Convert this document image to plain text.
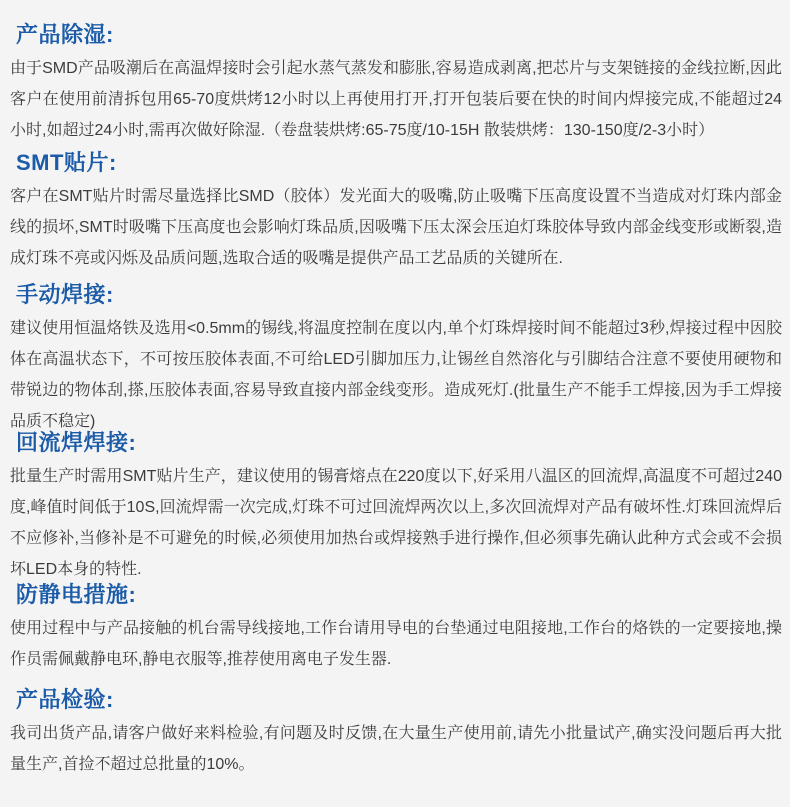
产品除湿:

由于SMD产品吸潮后在高温焊接时会引起水蒸气蒸发和膨胀,容易造成剥离,把芯片与支架链接的金线拉断,因此客户在使用前清拆包用65-70度烘烤12小时以上再使用打开,打开包装后要在快的时间内焊接完成,不能超过24小时,如超过24小时,需再次做好除湿.（卷盘装烘烤:65-75度/10-15H 散装烘烤：130-150度/2-3小时）

SMT贴片:

客户在SMT贴片时需尽量选择比SMD（胶体）发光面大的吸嘴,防止吸嘴下压高度设置不当造成对灯珠内部金线的损坏,SMT时吸嘴下压高度也会影响灯珠品质,因吸嘴下压太深会压迫灯珠胶体导致内部金线变形或断裂,造成灯珠不亮或闪烁及品质问题,选取合适的吸嘴是提供产品工艺品质的关键所在.

手动焊接:

建议使用恒温烙铁及选用<0.5mm的锡线,将温度控制在度以内,单个灯珠焊接时间不能超过3秒,焊接过程中因胶体在高温状态下，不可按压胶体表面,不可给LED引脚加压力,让锡丝自然溶化与引脚结合注意不要使用硬物和带锐边的物体刮,搽,压胶体表面,容易导致直接内部金线变形。造成死灯.(批量生产不能手工焊接,因为手工焊接品质不稳定)

回流焊焊接:

批量生产时需用SMT贴片生产，建议使用的锡膏熔点在220度以下,好采用八温区的回流焊,高温度不可超过240度,峰值时间低于10S,回流焊需一次完成,灯珠不可过回流焊两次以上,多次回流焊对产品有破坏性.灯珠回流焊后不应修补,当修补是不可避免的时候,必须使用加热台或焊接熟手进行操作,但必须事先确认此种方式会或不会损坏LED本身的特性.

防静电措施:

使用过程中与产品接触的机台需导线接地,工作台请用导电的台垫通过电阻接地,工作台的烙铁的一定要接地,操作员需佩戴静电环,静电衣服等,推荐使用离电子发生器.

产品检验:

我司出货产品,请客户做好来料检验,有问题及时反馈,在大量生产使用前,请先小批量试产,确实没问题后再大批量生产,首捡不超过总批量的10%。
